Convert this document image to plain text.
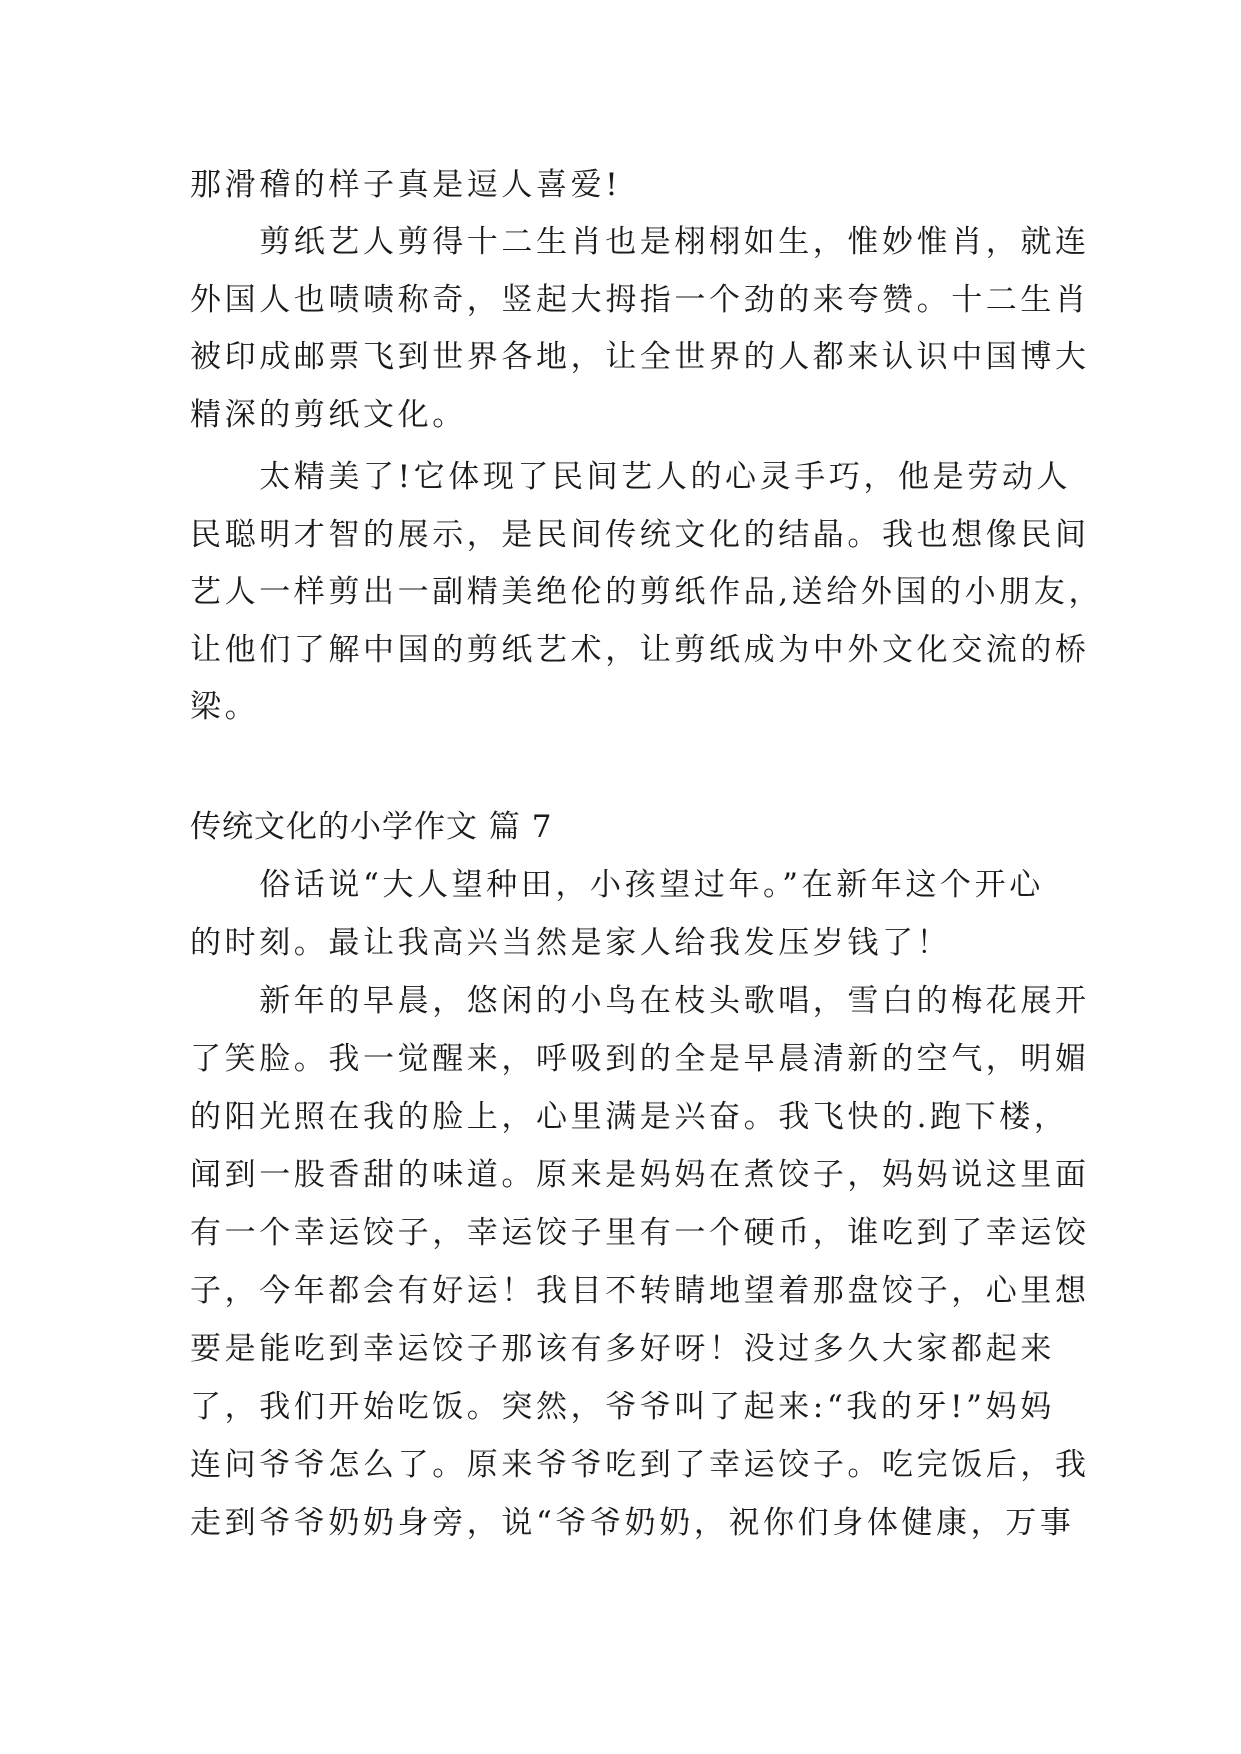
那滑稽的样子真是逗人喜爱!
　　剪纸艺人剪得十二生肖也是栩栩如生，惟妙惟肖，就连
外国人也啧啧称奇，竖起大拇指一个劲的来夸赞。十二生肖
被印成邮票飞到世界各地，让全世界的人都来认识中国博大
精深的剪纸文化。
　　太精美了!它体现了民间艺人的心灵手巧，他是劳动人
民聪明才智的展示，是民间传统文化的结晶。我也想像民间
艺人一样剪出一副精美绝伦的剪纸作品,送给外国的小朋友，
让他们了解中国的剪纸艺术，让剪纸成为中外文化交流的桥
梁。
传统文化的小学作文 篇 7
　　俗话说“大人望种田，小孩望过年。”在新年这个开心
的时刻。最让我高兴当然是家人给我发压岁钱了！
　　新年的早晨，悠闲的小鸟在枝头歌唱，雪白的梅花展开
了笑脸。我一觉醒来，呼吸到的全是早晨清新的空气，明媚
的阳光照在我的脸上，心里满是兴奋。我飞快的.跑下楼，
闻到一股香甜的味道。原来是妈妈在煮饺子，妈妈说这里面
有一个幸运饺子，幸运饺子里有一个硬币，谁吃到了幸运饺
子，今年都会有好运！我目不转睛地望着那盘饺子，心里想
要是能吃到幸运饺子那该有多好呀！没过多久大家都起来
了，我们开始吃饭。突然，爷爷叫了起来:“我的牙!”妈妈
连问爷爷怎么了。原来爷爷吃到了幸运饺子。吃完饭后，我
走到爷爷奶奶身旁，说“爷爷奶奶，祝你们身体健康，万事
